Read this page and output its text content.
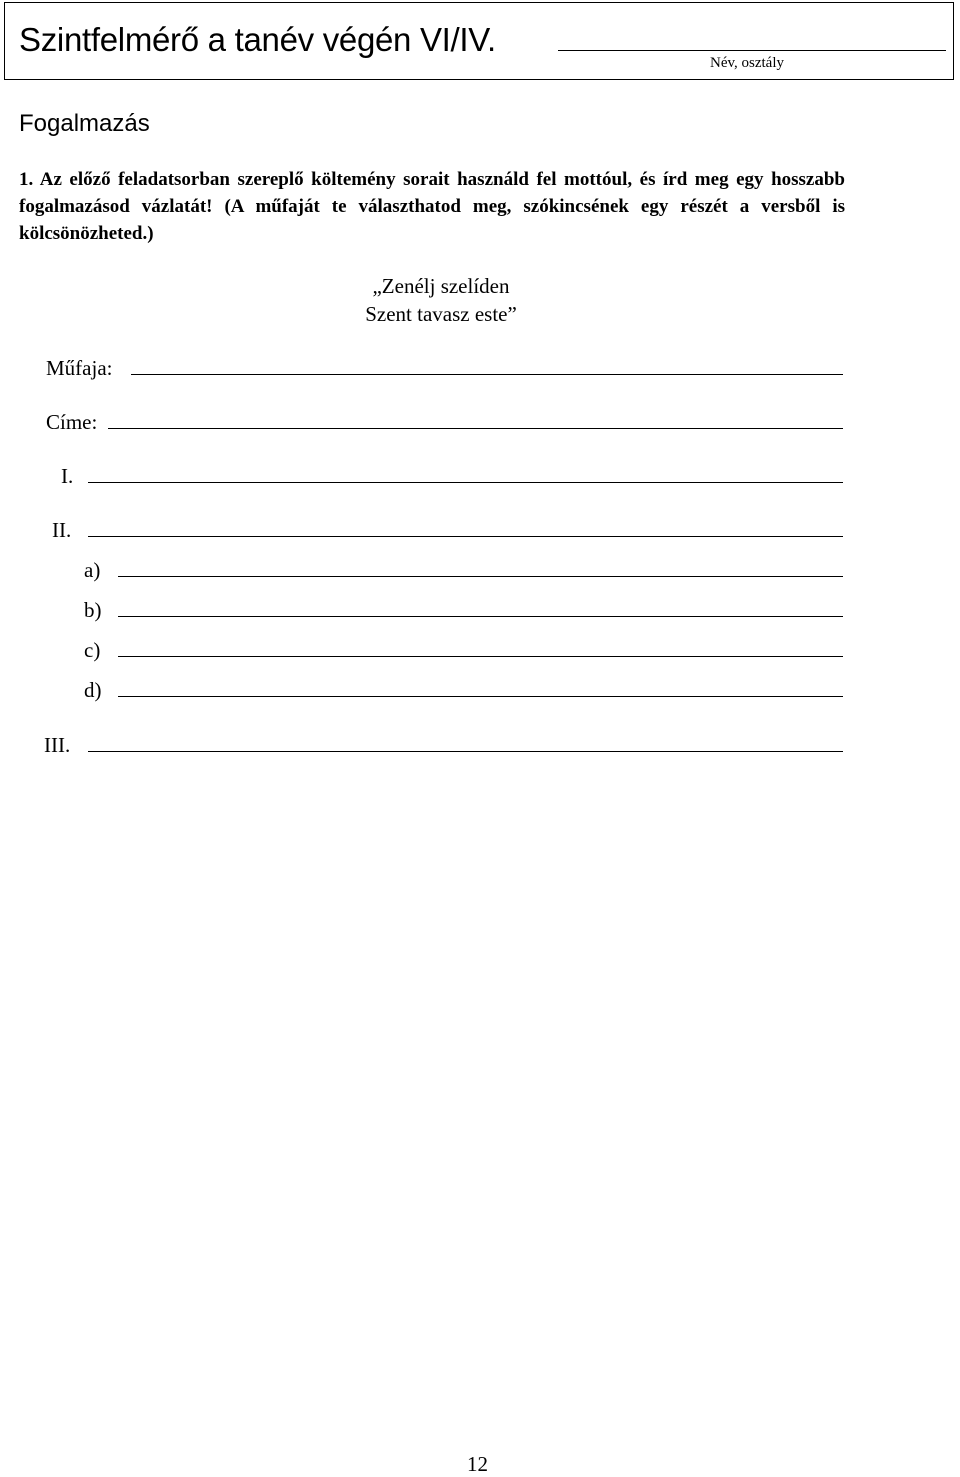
Szintfelmérő a tanév végén VI/IV.
Név, osztály
Fogalmazás
1. Az előző feladatsorban szereplő költemény sorait használd fel mottóul, és írd meg egy hosszabb fogalmazásod vázlatát! (A műfaját te választhatod meg, szókincsének egy részét a versből is kölcsönözheted.)
„Zenélj szelíden
Szent tavasz este”
Műfaja:
Címe:
I.
II.
a)
b)
c)
d)
III.
12
